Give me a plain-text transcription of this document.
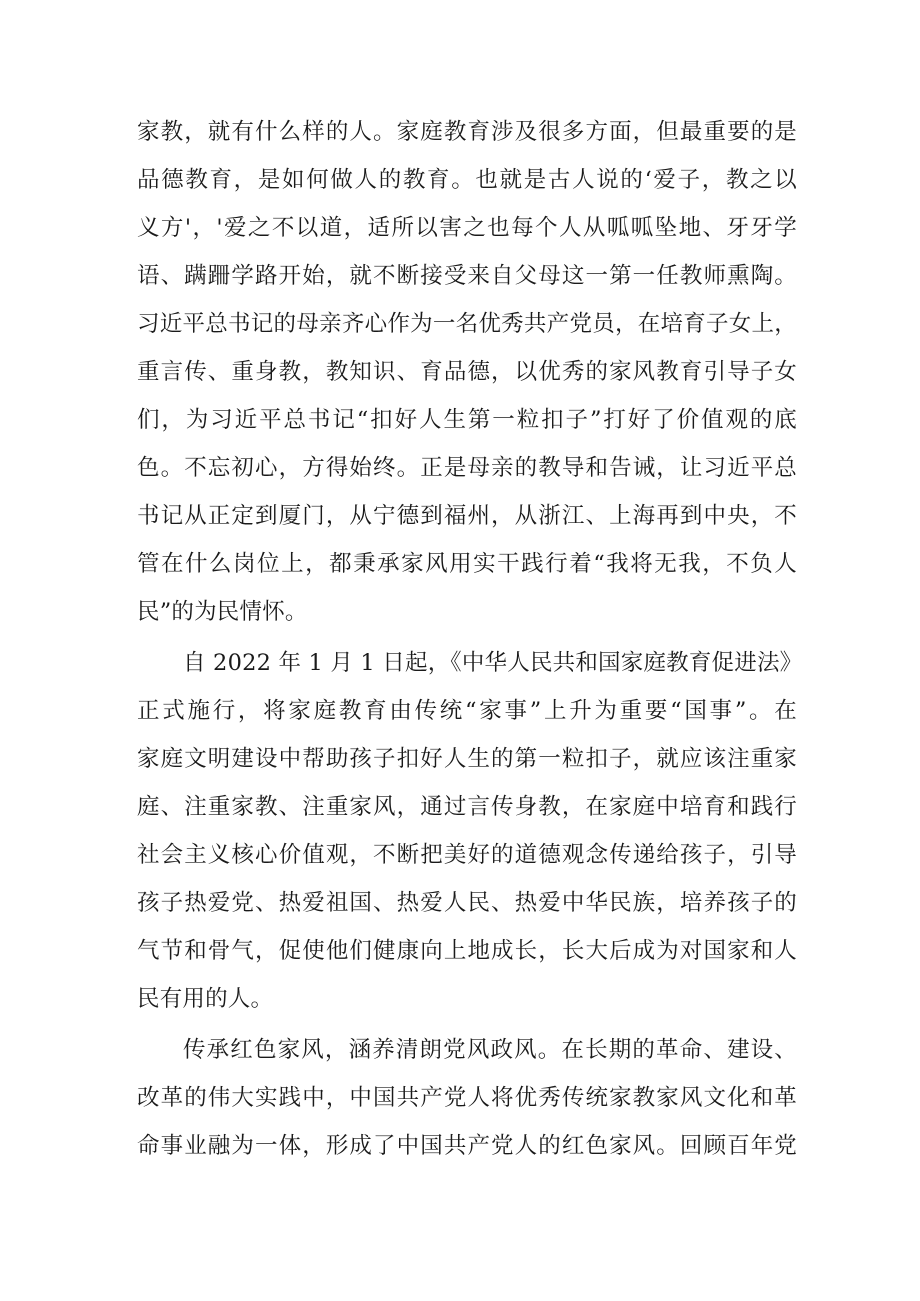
家教，就有什么样的人。家庭教育涉及很多方面，但最重要的是
品德教育，是如何做人的教育。也就是古人说的‘爱子，教之以
义方'，'爱之不以道，适所以害之也每个人从呱呱坠地、牙牙学
语、蹒跚学路开始，就不断接受来自父母这一第一任教师熏陶。
习近平总书记的母亲齐心作为一名优秀共产党员，在培育子女上，
重言传、重身教，教知识、育品德，以优秀的家风教育引导子女
们，为习近平总书记“扣好人生第一粒扣子”打好了价值观的底
色。不忘初心，方得始终。正是母亲的教导和告诫，让习近平总
书记从正定到厦门，从宁德到福州，从浙江、上海再到中央，不
管在什么岗位上，都秉承家风用实干践行着“我将无我，不负人
民”的为民情怀。
自 2022 年 1 月 1 日起，《中华人民共和国家庭教育促进法》
正式施行，将家庭教育由传统“家事”上升为重要“国事”。在
家庭文明建设中帮助孩子扣好人生的第一粒扣子，就应该注重家
庭、注重家教、注重家风，通过言传身教，在家庭中培育和践行
社会主义核心价值观，不断把美好的道德观念传递给孩子，引导
孩子热爱党、热爱祖国、热爱人民、热爱中华民族，培养孩子的
气节和骨气，促使他们健康向上地成长，长大后成为对国家和人
民有用的人。
传承红色家风，涵养清朗党风政风。在长期的革命、建设、
改革的伟大实践中，中国共产党人将优秀传统家教家风文化和革
命事业融为一体，形成了中国共产党人的红色家风。回顾百年党
